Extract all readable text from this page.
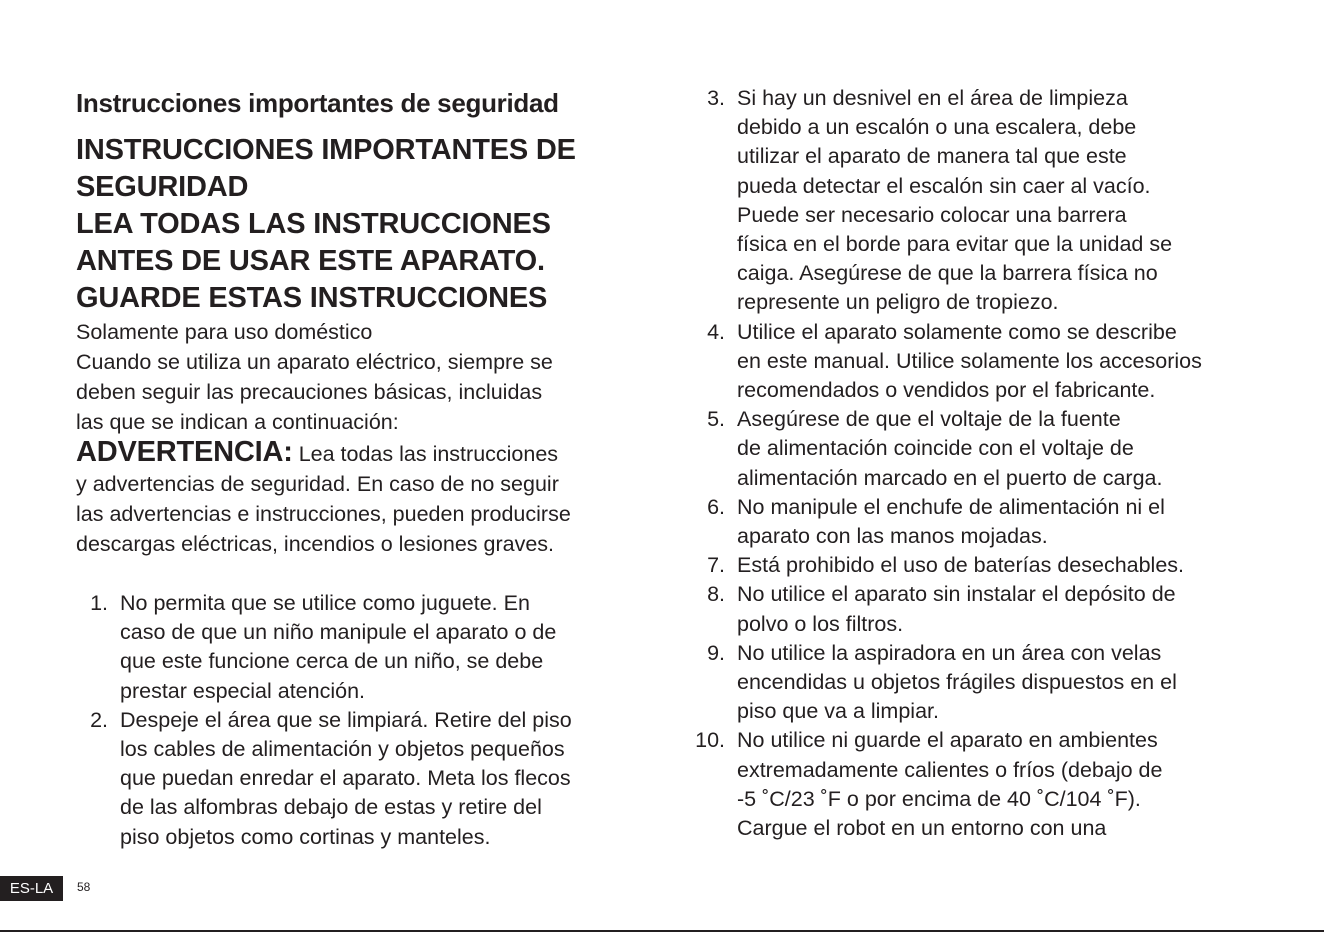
Instrucciones importantes de seguridad

INSTRUCCIONES IMPORTANTES DE

SEGURIDAD

LEA TODAS LAS INSTRUCCIONES

ANTES DE USAR ESTE APARATO.

GUARDE ESTAS INSTRUCCIONES

Solamente para uso doméstico

Cuando se utiliza un aparato eléctrico, siempre se

deben seguir las precauciones básicas, incluidas

las que se indican a continuación:

ADVERTENCIA: Lea todas las instrucciones

y advertencias de seguridad. En caso de no seguir

las advertencias e instrucciones, pueden producirse

descargas eléctricas, incendios o lesiones graves.

1. No permita que se utilice como juguete. En
caso de que un niño manipule el aparato o de
que este funcione cerca de un niño, se debe
prestar especial atención.
2. Despeje el área que se limpiará. Retire del piso
los cables de alimentación y objetos pequeños
que puedan enredar el aparato. Meta los flecos
de las alfombras debajo de estas y retire del
piso objetos como cortinas y manteles.
3. Si hay un desnivel en el área de limpieza
debido a un escalón o una escalera, debe
utilizar el aparato de manera tal que este
pueda detectar el escalón sin caer al vacío.
Puede ser necesario colocar una barrera
física en el borde para evitar que la unidad se
caiga. Asegúrese de que la barrera física no
represente un peligro de tropiezo.
4. Utilice el aparato solamente como se describe
en este manual. Utilice solamente los accesorios
recomendados o vendidos por el fabricante.
5. Asegúrese de que el voltaje de la fuente
de alimentación coincide con el voltaje de
alimentación marcado en el puerto de carga.
6. No manipule el enchufe de alimentación ni el
aparato con las manos mojadas.
7. Está prohibido el uso de baterías desechables.
8. No utilice el aparato sin instalar el depósito de
polvo o los filtros.
9. No utilice la aspiradora en un área con velas
encendidas u objetos frágiles dispuestos en el
piso que va a limpiar.
10. No utilice ni guarde el aparato en ambientes
extremadamente calientes o fríos (debajo de
-5 ˚C/23 ˚F o por encima de 40 ˚C/104 ˚F).
Cargue el robot en un entorno con una
ES-LA	58
